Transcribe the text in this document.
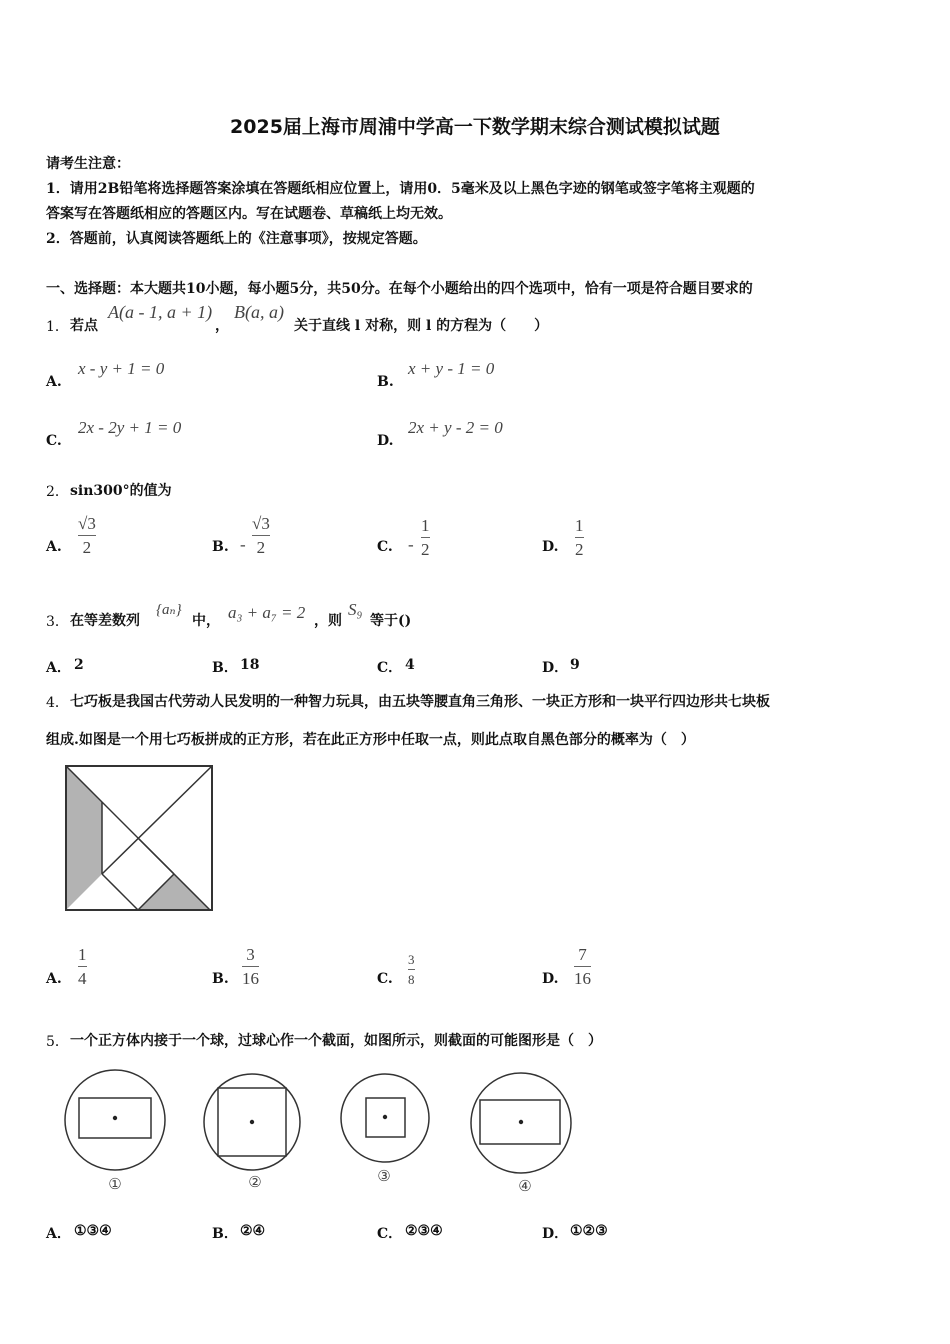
2025届上海市周浦中学高一下数学期末综合测试模拟试题
请考生注意：
1．请用2B铅笔将选择题答案涂填在答题纸相应位置上，请用0．5毫米及以上黑色字迹的钢笔或签字笔将主观题的
答案写在答题纸相应的答题区内。写在试题卷、草稿纸上均无效。
2．答题前，认真阅读答题纸上的《注意事项》，按规定答题。
一、选择题：本大题共10小题，每小题5分，共50分。在每个小题给出的四个选项中，恰有一项是符合题目要求的
1． 若点
A(a - 1, a + 1)
，
B(a, a)
关于直线 l 对称，则 l 的方程为（　　）
A.
x - y + 1 = 0
B.
x + y - 1 = 0
C.
2x - 2y + 1 = 0
D.
2x + y - 2 = 0
2． sin300°的值为
A.
√3
2	B. -
√3
2	C. -
1
2	D.
1
2
3． 在等差数列
{aₙ}
中， a₃ + a₇ = 2 ，则
S₉
等于()
A． 2	B． 18	C． 4	D． 9
4． 七巧板是我国古代劳动人民发明的一种智力玩具，由五块等腰直角三角形、一块正方形和一块平行四边形共七块板
组成.如图是一个用七巧板拼成的正方形，若在此正方形中任取一点，则此点取自黑色部分的概率为（　）
A.
1
4	B.
3
16	C.
3
8	D.
7
16
5． 一个正方体内接于一个球，过球心作一个截面，如图所示，则截面的可能图形是（　）
①	②	③
④
A． ①③④	B． ②④	C． ②③④	D． ①②③
